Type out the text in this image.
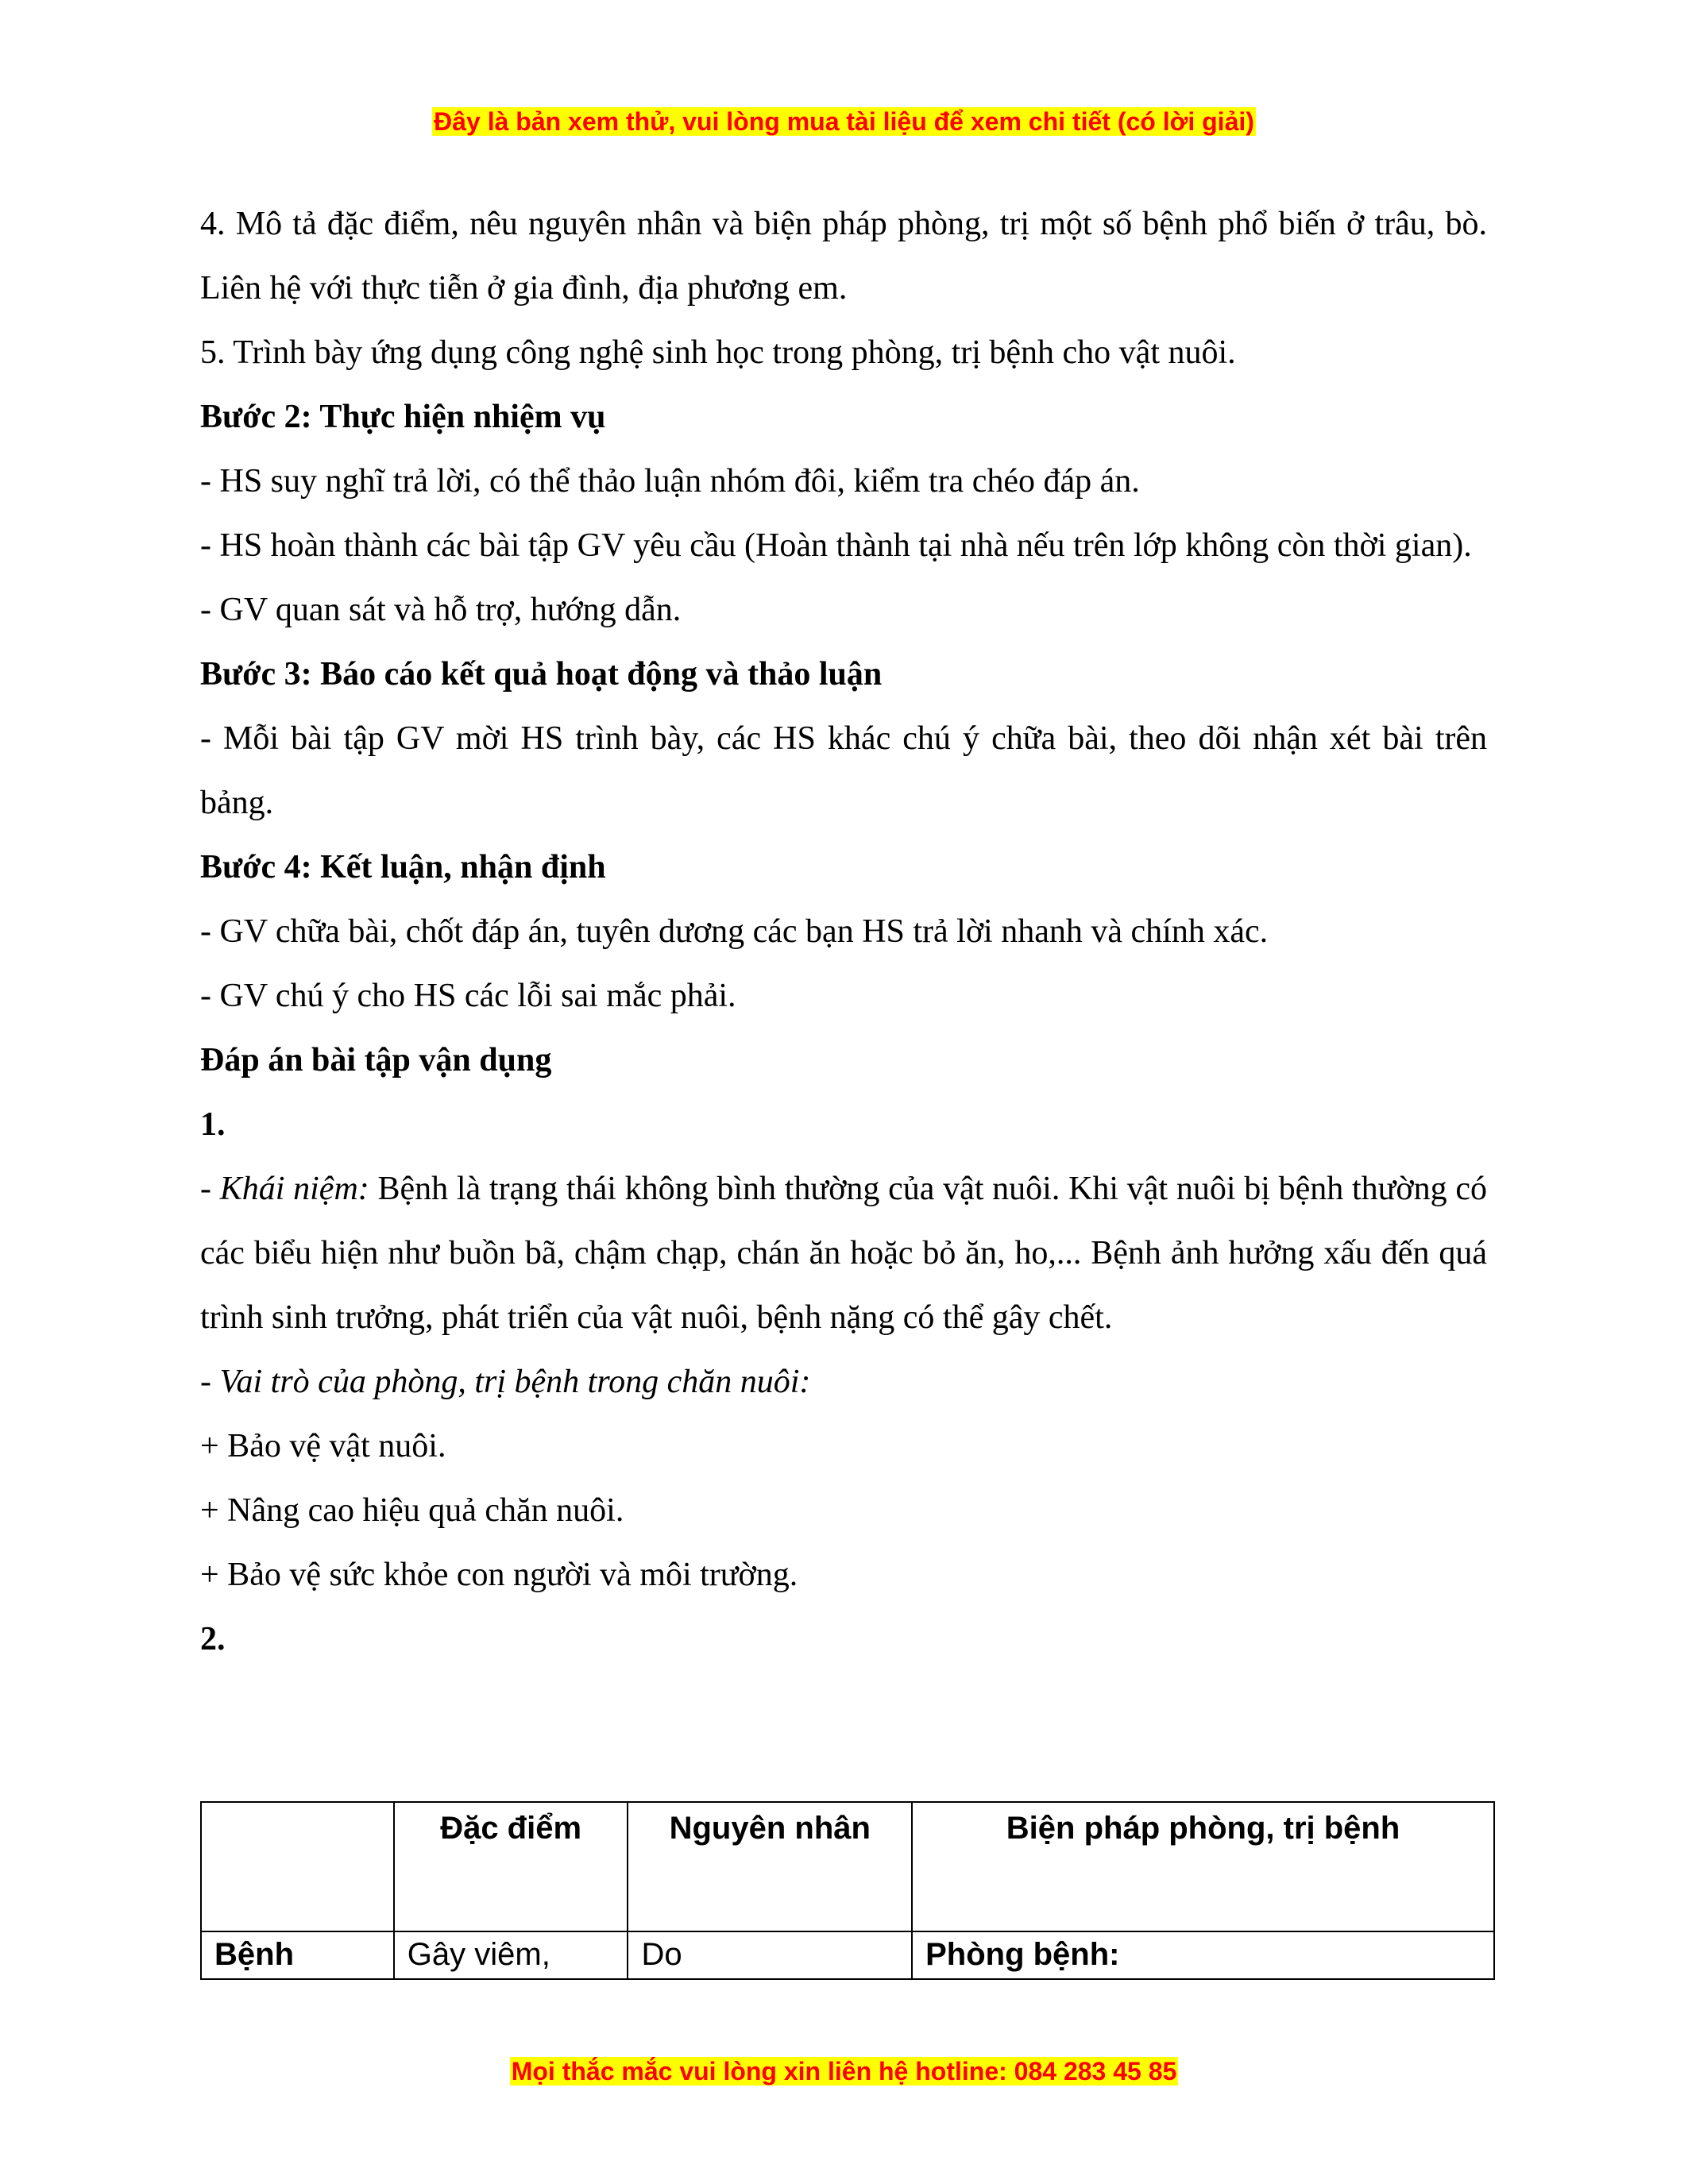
Đây là bản xem thử, vui lòng mua tài liệu để xem chi tiết (có lời giải)

4. Mô tả đặc điểm, nêu nguyên nhân và biện pháp phòng, trị một số bệnh phổ biến ở trâu, bò. Liên hệ với thực tiễn ở gia đình, địa phương em.

5. Trình bày ứng dụng công nghệ sinh học trong phòng, trị bệnh cho vật nuôi.

Bước 2: Thực hiện nhiệm vụ

- HS suy nghĩ trả lời, có thể thảo luận nhóm đôi, kiểm tra chéo đáp án.

- HS hoàn thành các bài tập GV yêu cầu (Hoàn thành tại nhà nếu trên lớp không còn thời gian).

- GV quan sát và hỗ trợ, hướng dẫn.

Bước 3: Báo cáo kết quả hoạt động và thảo luận

- Mỗi bài tập GV mời HS trình bày, các HS khác chú ý chữa bài, theo dõi nhận xét bài trên bảng.

Bước 4: Kết luận, nhận định

- GV chữa bài, chốt đáp án, tuyên dương các bạn HS trả lời nhanh và chính xác.

- GV chú ý cho HS các lỗi sai mắc phải.

Đáp án bài tập vận dụng

1.

- Khái niệm: Bệnh là trạng thái không bình thường của vật nuôi. Khi vật nuôi bị bệnh thường có các biểu hiện như buồn bã, chậm chạp, chán ăn hoặc bỏ ăn, ho,... Bệnh ảnh hưởng xấu đến quá trình sinh trưởng, phát triển của vật nuôi, bệnh nặng có thể gây chết.

- Vai trò của phòng, trị bệnh trong chăn nuôi:

+ Bảo vệ vật nuôi.

+ Nâng cao hiệu quả chăn nuôi.

+ Bảo vệ sức khỏe con người và môi trường.

2.

	Đặc điểm	Nguyên nhân	Biện pháp phòng, trị bệnh
Bệnh	Gây viêm,	Do	Phòng bệnh:
Mọi thắc mắc vui lòng xin liên hệ hotline: 084 283 45 85
